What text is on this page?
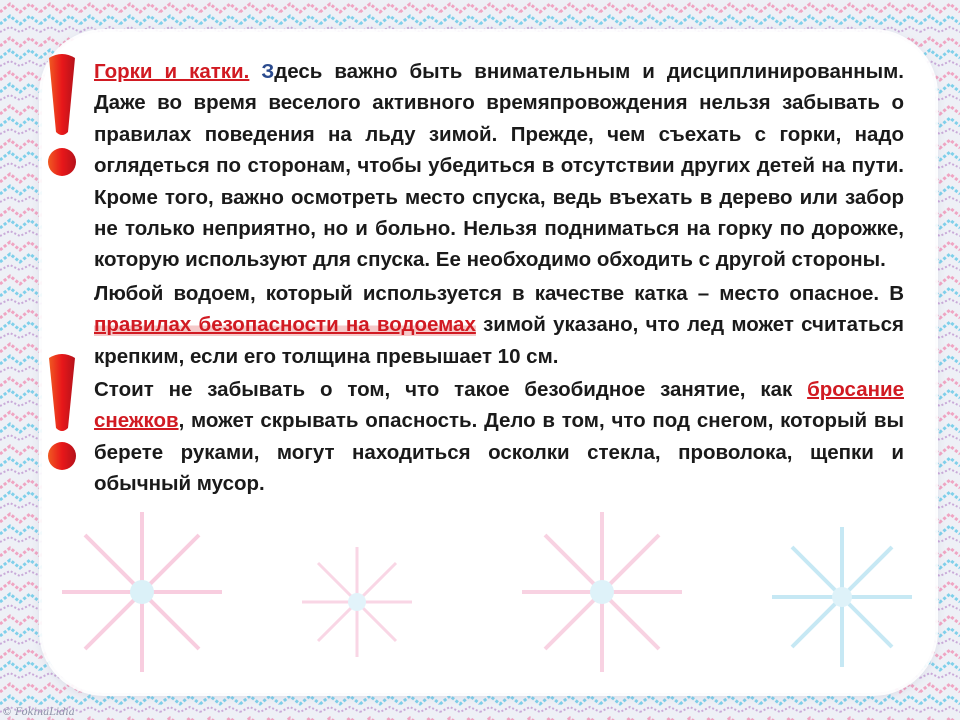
Горки и катки. Здесь важно быть внимательным и дисциплинированным. Даже во время веселого активного времяпровождения нельзя забывать о правилах поведения на льду зимой. Прежде, чем съехать с горки, надо оглядеться по сторонам, чтобы убедиться в отсутствии других детей на пути. Кроме того, важно осмотреть место спуска, ведь въехать в дерево или забор не только неприятно, но и больно. Нельзя подниматься на горку по дорожке, которую используют для спуска. Ее необходимо обходить с другой стороны.

Любой водоем, который используется в качестве катка – место опасное. В правилах безопасности на водоемах зимой указано, что лед может считаться крепким, если его толщина превышает 10 см.

Стоит не забывать о том, что такое безобидное занятие, как бросание снежков, может скрывать опасность. Дело в том, что под снегом, который вы берете руками, могут находиться осколки стекла, проволока, щепки и обычный мусор.

© FokinaLidia
